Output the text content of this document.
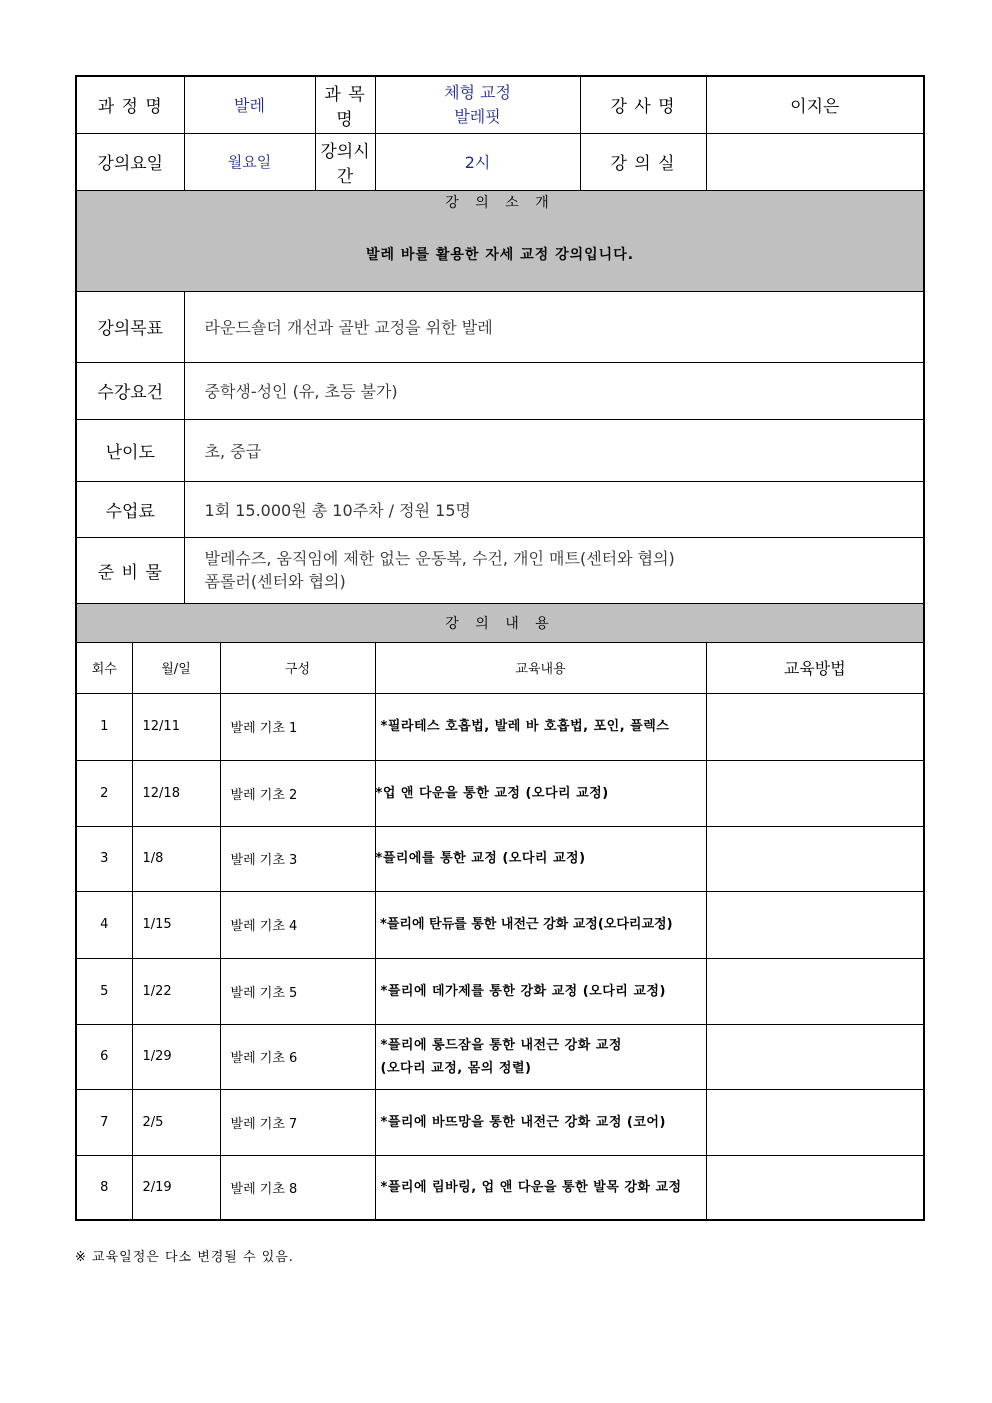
과 정 명		발레		과 목 명	체형 교정
발레핏	강 사 명	이지은
강의요일		월요일		강의시간	2시	강 의 실	

강 의 소 개
발레 바를 활용한 자세 교정 강의입니다.							

강의목표		라운드숄더 개선과 골반 교정을 위한 발레					
수강요건		중학생-성인 (유, 초등 불가)					
난이도		초, 중급					
수업료		1회 15.000원 총 10주차 / 정원 15명					
준 비 물		발레슈즈, 움직임에 제한 없는 운동복, 수건, 개인 매트(센터와 협의)
폼롤러(센터와 협의)					

강 의 내 용							
회수	월/일		구성		교육내용		교육방법
1	12/11		발레 기초 1		*필라테스 호흡법, 발레 바 호흡법, 포인, 플렉스		
2	12/18		발레 기초 2		*업 앤 다운을 통한 교정 (오다리 교정)		
3	1/8		발레 기초 3		*플리에를 통한 교정 (오다리 교정)		
4	1/15		발레 기초 4		*플리에 탄듀를 통한 내전근 강화 교정(오다리교정)		
5	1/22		발레 기초 5		*플리에 데가제를 통한 강화 교정 (오다리 교정)		
6	1/29		발레 기초 6		*플리에 롱드잠을 통한 내전근 강화 교정
(오다리 교정, 몸의 정렬)		

7	2/5		발레 기초 7		*플리에 바뜨망을 통한 내전근 강화 교정 (코어)		
8	2/19		발레 기초 8		*플리에 림바링, 업 앤 다운을 통한 발목 강화 교정		
※ 교육일정은 다소 변경될 수 있음.
